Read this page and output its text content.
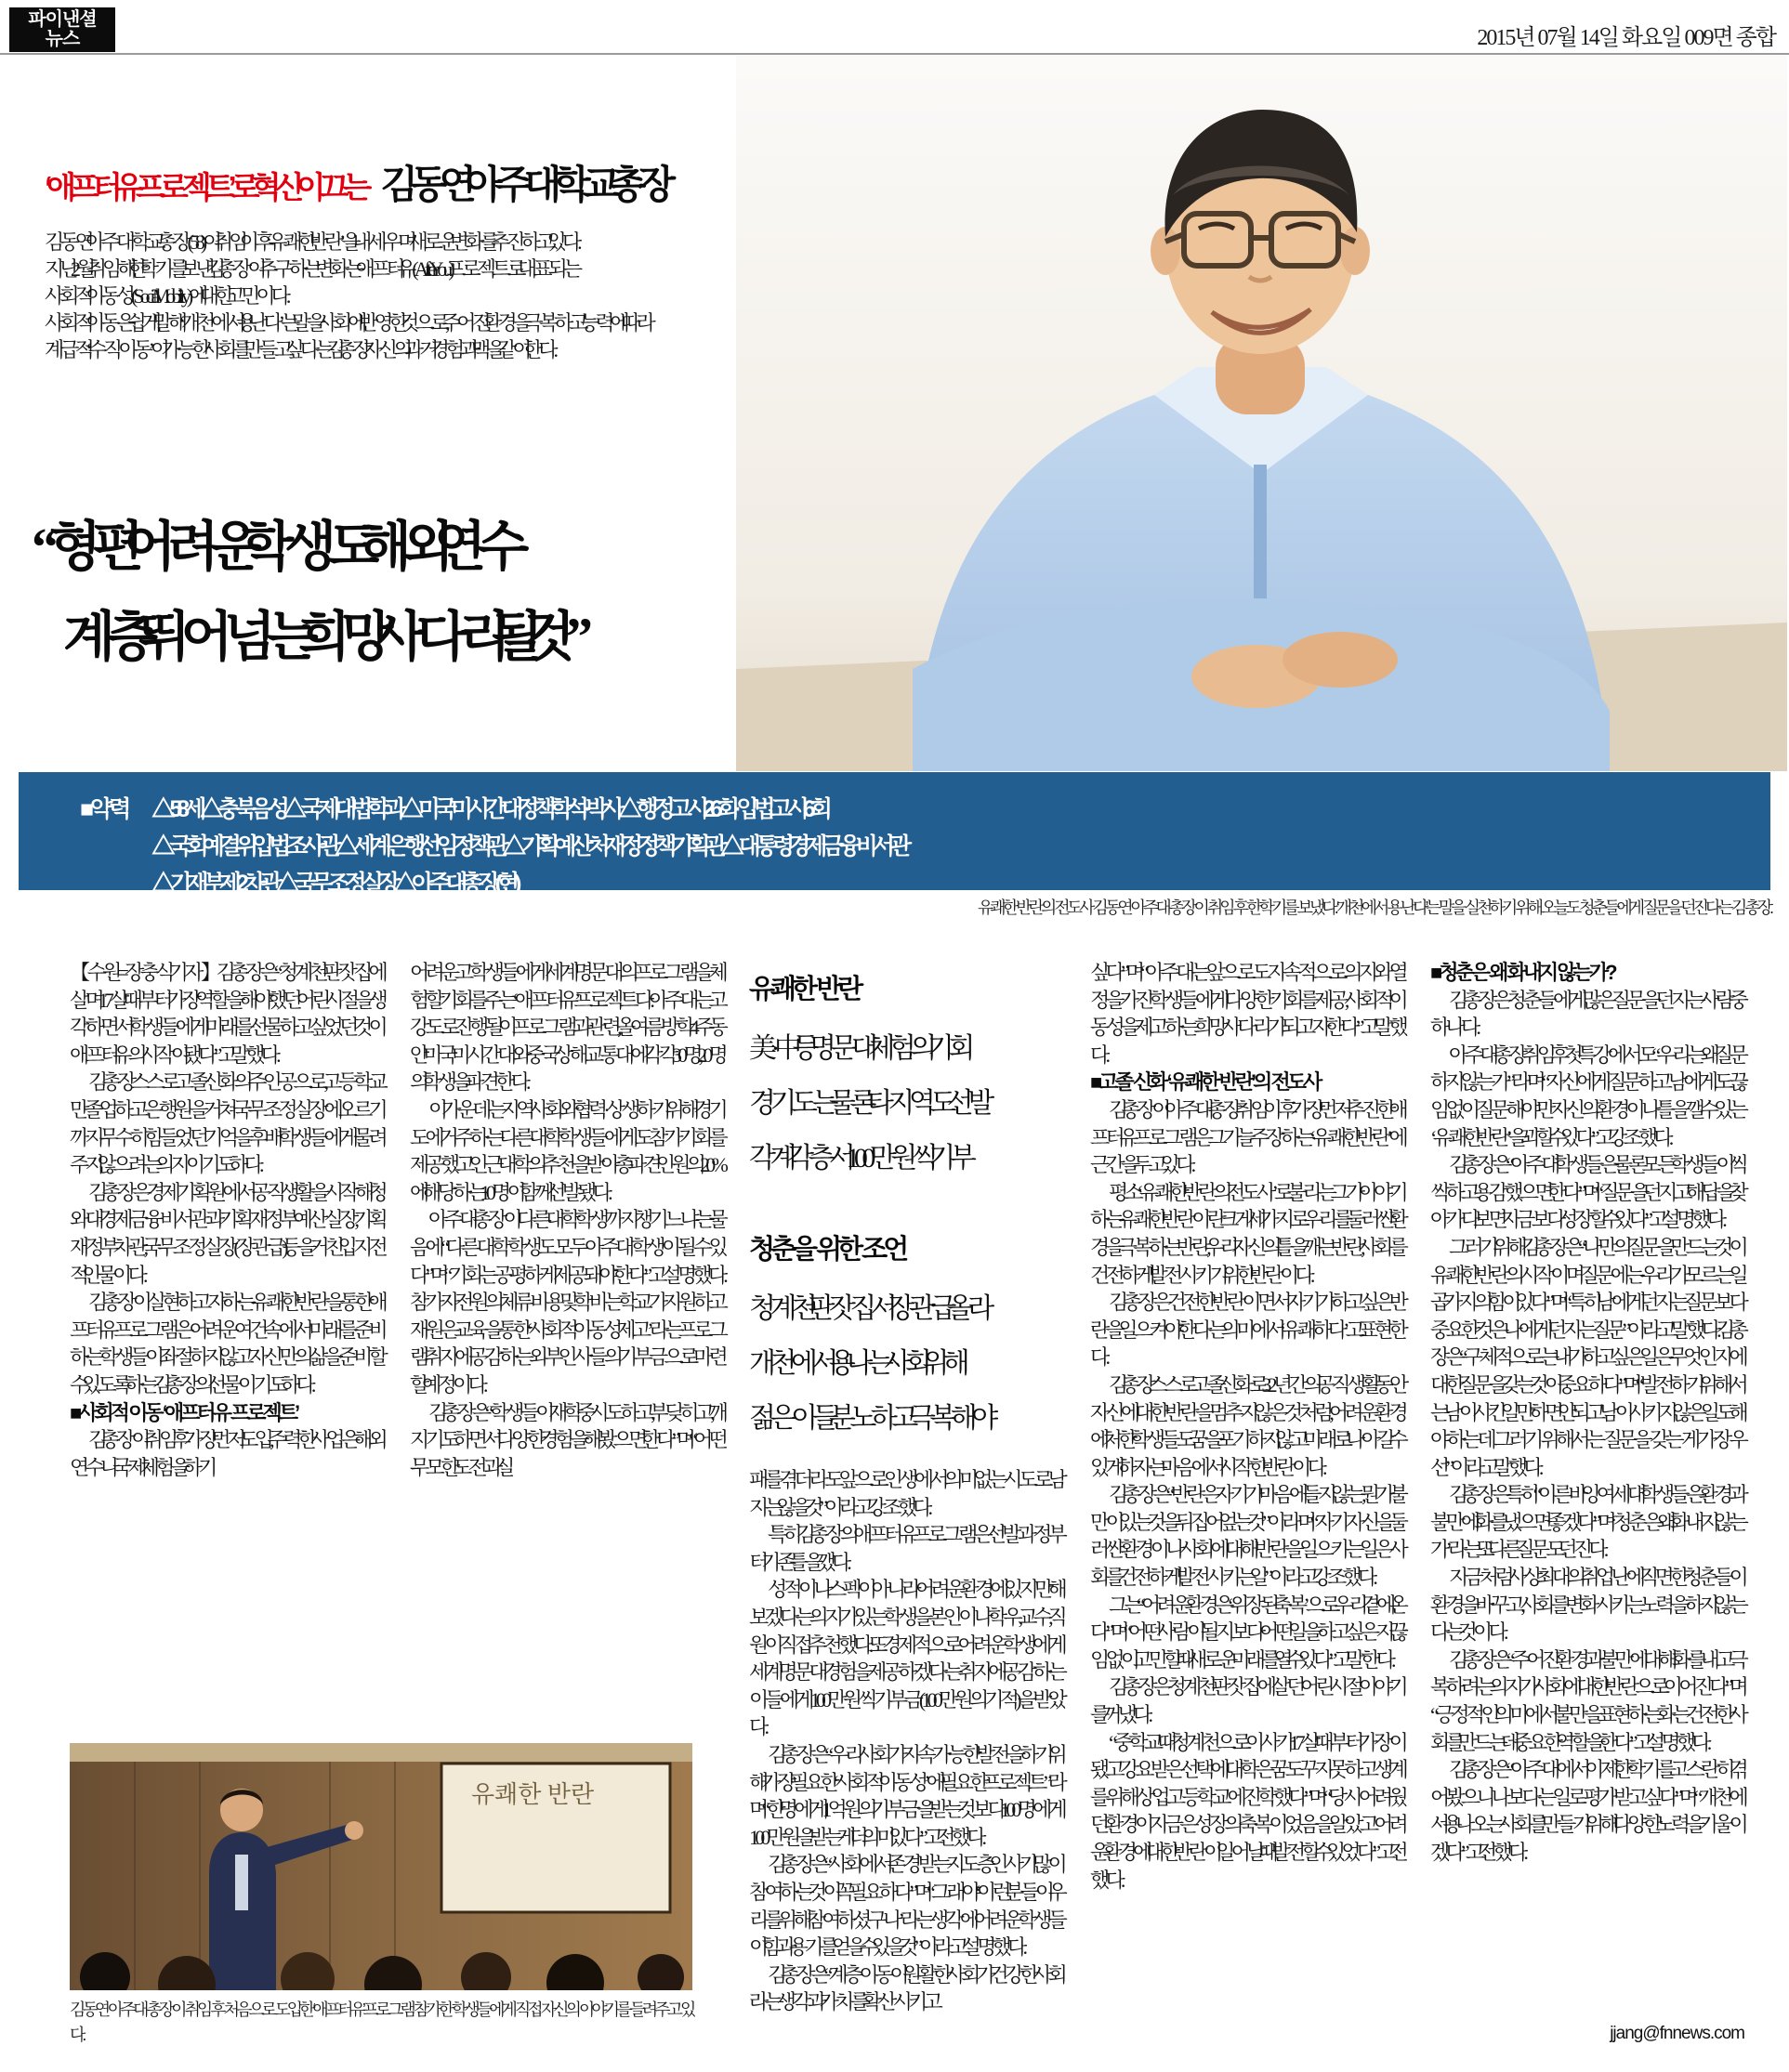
파이낸셜
뉴스	2015년 07월 14일 화요일 009면 종합
‘애프터 유 프로젝트’로 혁신 이끄는 김동연 아주대학교 총장
김동연 아주대학교 총장(58)이 취임 이후 ‘유쾌한 반란’을 내세우며 새로운 변화를 추진하고 있다.
지난 2월 취임해 한 학기를 보낸 김 총장이 추구하는 변화는 애프터 유(After You) 프로젝트로 대표되는
사회적 이동성(Social Mobility)에 대한 고민이다.
사회적 이동은 쉽게 말해 ‘개천에서 용 난다’는 말을 사회에 반영한 것으로, 주어진 환경을 극복하고 능력에 따라
계급적 ‘수직이동’이 가능한 사회를 만들고 싶다는 김 총장 자신의 과거 경험과 맥을 같이 한다.
“형편 어려운 학생도 해외 연수
계층 뛰어넘는 희망 사다리 될 것”
■약력 △58세 △충북 음성 △국제대 법학과 △미국 미시간대 정책학 석·박사 △행정고시 26회·입법고시 6회
△국회 예결위 입법조사관 △세계은행 선임정책관 △기획예산처 재정정책기획관 △대통령 경제금융비서관
△기재부 제2차관 △국무조정실장 △아주대 총장(현)
유쾌한 반란의 전도사 김동연 아주대 총장이 취임 후 한학기를 보냈다. ‘개천에서 용 난다’는 말을 실천하기 위해 오늘도 청춘들에게 질문을 던진다는 김 총장.
【수원=장충식 기자】 김 총장은 “청계천 판잣집에 살며 17살 때부터 가장 역할을 해야 했던 어린 시절을 생각하면서 학생들에게 미래를 선물하고 싶었던 것이 애프터 유의 시작이 됐다”고 말했다.
김 총장 스스로 고졸 신화의 주인공으로, 고등학교만 졸업하고 은행원을 거쳐 국무조정실장에 오르기까지 무수히 힘들었던 기억을 후배 학생들에게 물려주지 않으려는 의지이기도 하다.
김 총장은 경제기획원에서 공직 생활을 시작해 청와대 경제금융비서관과 기획재정부 예산실장, 기획재정부 차관, 국무조정실장(장관급) 등을 거친 입지전적 인물이다.
김 총장이 실현하고자 하는 유쾌한 반란을 통한 애프터 유 프로그램은 어려운 여건 속에서 미래를 준비하는 학생들이 좌절하지 않고 자신만의 삶을 준비할 수 있도록 하는 김 총장의 선물이기도 하다.
■사회적 이동 ‘애프터유 프로젝트’
김 총장이 취임 후 가장 먼저 도입, 주력한 사업은 해외 연수나 국제 체험을 하기
어려운 고학생들에게 세계 명문대의 프로그램을 체험할 기회를 주는 ‘애프터 유’ 프로젝트다. 아주대는 고강도로 진행될 이 프로그램과 관련, 올 여름방학 4주 동안 미국 미시간대와 중국 상해교통대에 각각 30명, 20명의 학생을 파견한다.
이 가운데는 지역 사회와 협력·상생하기 위해 경기도에 거주하는 다른 대학 학생들에게도 참가 기회를 제공했고 인근 대학의 추천을 받아 총 파견 인원의 20%에 해당하는 10명이 함께 선발됐다.
아주대 총장이 다른 대학 학생까지 챙기느냐는 물음에 “다른 대학 학생도 모두 아주대 학생이 될 수 있다”며 “기회는 공평하게 제공돼야 한다”고 설명했다. 참가자 전원의 체류비용 및 학비는 학교가 지원하고 재원은 교육을 통한 ‘사회적 이동성 제고’라는 프로그램 취지에 공감하는 외부 인사들의 기부금으로 마련할 예정이다.
김 총장은 “학생들이 재학 중 시도하고, 부딪히고, 깨지기도 하면서 다양한 경험을 해봤으면 한다”며 “어떤 무모한 도전과 실
유쾌한 반란
美·中 등 명문대 체험의 기회
경기도는 물론 타지역도 선발
각계 각층서 100만원씩 기부
청춘을 위한 조언
청계천 판잣집서 장관급 올라
개천에서 용 나는 사회 위해
젊은이들 분노하고 극복해야
패를 겪더라도 앞으로 인생에서 의미 없는 시도로 남지는 않을 것”이라고 강조했다.
특히 김 총장의 애프터유 프로그램은 선발과정부터 기존 틀을 깼다.
성적이나 스펙이 아니라 어려운 환경에 있지만 해보겠다는 의지가 있는 학생을 본인이나 학우, 교수, 직원이 직접 추천했다. 또 경제적으로 어려운 학생에게 세계 명문대 경험을 제공하겠다는 취지에 공감하는 이들에게 100만원씩 기부금(100만원의 기적)을 받았다.
김 총장은 “우리 사회가 지속가능한 발전을 하기 위해 가장 필요한 ‘사회적 이동성’에 필요한 프로젝트”라며 “한 명에게 1억원의 기부금을 받는 것보다 100명에게 100만원을 받는 게 더 의미 있다”고 전했다.
김 총장은 “사회에서 존경받는 지도층 인사가 많이 참여하는 것이 꼭 필요하다”며 “그래야 ‘이런 분들이 우리를 위해 참여하셨구나’라는 생각에 어려운 학생들이 힘과 용기를 얻을 수 있을 것”이라고 설명했다.
김 총장은 “계층이동이 원활한 사회가 건강한 사회라는 생각과 가치를 확산시키고
싶다”며 “아주대는 앞으로도 지속적으로 의지와 열정을 가진 학생들에게 다양한 기회를 제공, 사회적 이동성을 제고하는 희망 사다리가 되고자 한다”고 말했다.
■고졸 신화 ‘유쾌한 반란’의 전도사
김 총장이 아주대 총장 취임 이후 가장 먼저 추진한 애프터 유 프로그램은 그가 늘 주장하는 ‘유쾌한 반란’에 근간을 두고 있다.
평소 ‘유쾌한 반란의 전도사’로 불리는 그가 이야기하는 유쾌한 반란이란 크게 세 가지로 우리를 둘러싼 환경을 극복하는 반란, 우리 자신의 틀을 깨는 반란, 사회를 건전하게 발전시키기 위한 반란이다.
김 총장은 건전한 반란이면서 자기가 하고 싶은 반란을 일으켜야 한다는 의미에서 ‘유쾌하다’고 표현한다.
김 총장 스스로 고졸 신화로 32년간의 공직생활 동안 자신에 대한 반란을 멈추지 않은 것처럼, 어려운 환경에 처한 학생들도 꿈을 포기하지 않고 미래로 나아갈 수 있게 하자는 마음에서 시작한 반란이다.
김 총장은 “반란은 자기가 마음에 들지 않는, 뭔가 불만이 있는 것을 뒤집어 엎는 것”이라며 “자기자신을 둘러싼 환경이나 사회에 대해 반란을 일으키는 일은 사회를 건전하게 발전시키는 일”이라고 강조했다.
그는 “어려운 환경은 ‘위장된 축복’으로 우리 곁에 온다”며 “어떤 사람이 될지보다 어떤 일을 하고 싶은지 끊임없이 고민할 때 새로운 미래를 열 수 있다”고 말한다.
김 총장은 청계천 판잣집에 살던 어린 시절 이야기를 꺼냈다.
“중학교 때 청계천으로 이사가 17살 때부터 가장이 됐고 강요받은 선택에 대학은 꿈도 꾸지 못하고 생계를 위해 상업고등학교에 진학했다”며 “당시 어려웠던 환경이 지금은 성장의 축복이었음을 알았고 어려운 환경에 대한 반란이 일어날 때 발전할 수 있었다”고 전했다.
■청춘은 왜 화내지 않는가?
김 총장은 청춘들에게 많은 질문을 던지는 사람 중 하나다.
아주대 총장 취임 후 첫 특강에서도 “우리는 왜 질문하지 않는가”라며 “자신에게 질문하고 남에게도 끊임없이 질문해야만 자신의 환경이나 틀을 깰 수 있는 ‘유쾌한 반란’을 꾀할 수 있다”고 강조했다.
김 총장은 “아주대 학생들은 물론 모든 학생들이 씩씩하고 용감했으면 한다”며 “질문을 던지고 해답을 찾아가다 보면 지금보다 성장할 수 있다”고 설명했다.
그러기 위해 김 총장은 “나만의 질문을 만드는 것이 유쾌한 반란의 시작이며 질문에는 우리가 모르는 일곱 가지의 힘이 있다”며 “특히 남에게 던지는 질문보다 중요한 것은 나에게 던지는 질문”이라고 말했다. 김 총장은 “구체적으로는 내가 하고 싶은 일은 무엇인지에 대한 질문을 갖는 것이 중요하다”며 “발전하기 위해서는 남이 시킨 일만 하면 안 되고 남이 시키지 않은 일도 해야 하는데 그러기 위해서는 질문을 갖는 게 가장 우선”이라고 말했다.
김 총장은 특히 “이른바 잉여세대 학생들은 환경과 불만에 화를 냈으면 좋겠다”며 ‘청춘은 왜 화내지 않는가’라는 또 다른 질문도 던진다.
지금처럼 사상 최대의 취업난에 직면한 청춘들이 환경을 바꾸고, 사회를 변화시키는 노력을 하지 않는다는 것이다.
김 총장은 “주어진 환경과 불만에 대해 화를 내고 극복하려는 의지가 사회에 대한 반란으로 이어진다”며 “긍정적인 의미에서 불만을 표현하는 화는 건전한 사회를 만드는 데 중요한 역할을 한다”고 설명했다.
김 총장은 “아주대에서 이제 한 학기를 고스란히 겪어봤으니 나보다는 일로 평가받고 싶다”며 “개천에서 용 나오는 사회를 만들기 위해 다양한 노력을 기울이겠다”고 전했다.
유쾌한 반란
김동연 아주대 총장이 취임 후 처음으로 도입한 ‘애프터유’ 프로그램 참가한 학생들에게 직접 자신의 이야기를 들려주고 있다.	jjang@fnnews.com
